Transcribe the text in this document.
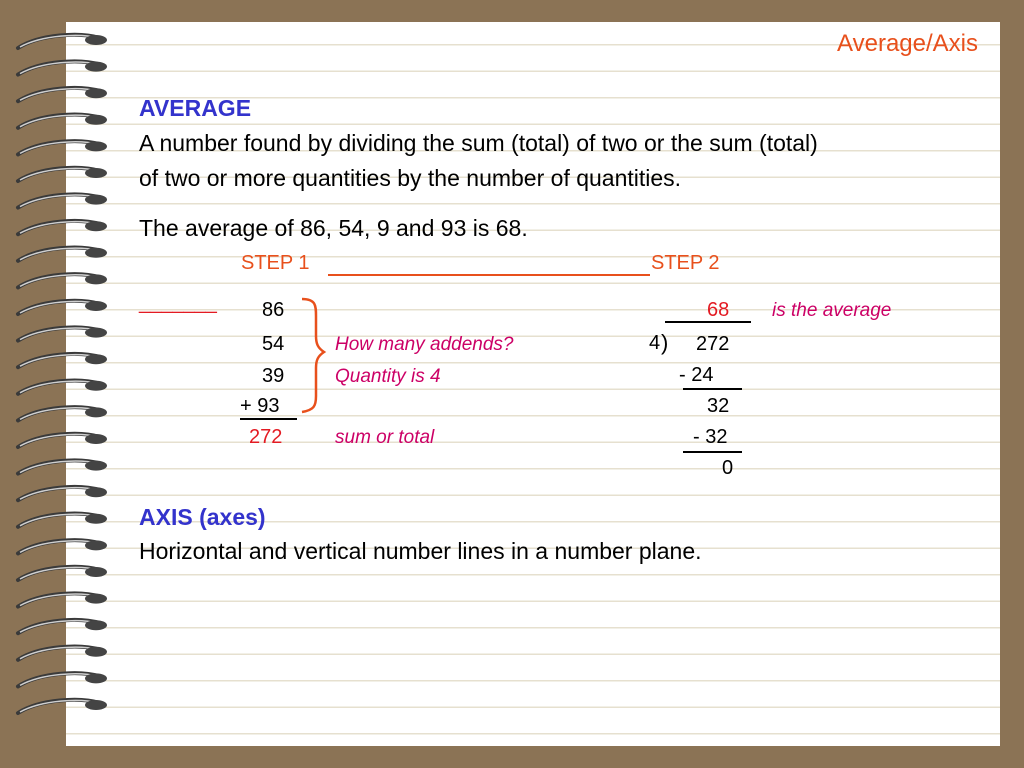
Average/Axis
AVERAGE
A number found by dividing the sum (total) of two or the sum (total)
of two or more quantities by the number of quantities.
The average of 86, 54, 9 and 93 is 68.
STEP 1	STEP 2
_______ 86
54
39
+ 93
272
How many addends?
Quantity is 4
sum or total
68 is the average
4 ) 272
- 24
32
- 32
0
AXIS (axes)
Horizontal and vertical number lines in a number plane.
